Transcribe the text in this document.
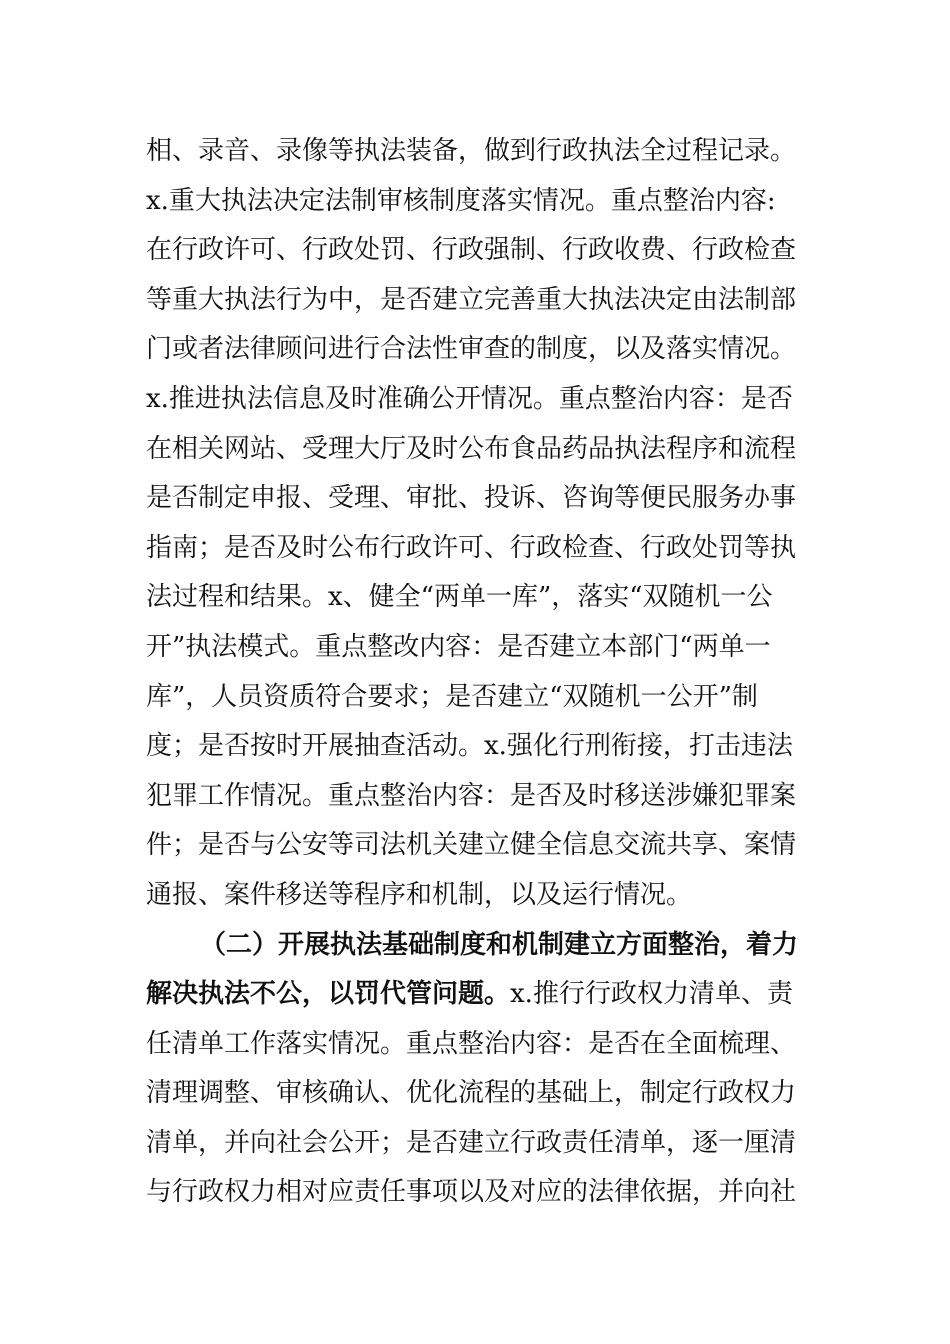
相、录音、录像等执法装备，做到行政执法全过程记录。
x.重大执法决定法制审核制度落实情况。重点整治内容:
在行政许可、行政处罚、行政强制、行政收费、行政检查
等重大执法行为中，是否建立完善重大执法决定由法制部
门或者法律顾问进行合法性审查的制度，以及落实情况。
x.推进执法信息及时准确公开情况。重点整治内容：是否
在相关网站、受理大厅及时公布食品药品执法程序和流程
是否制定申报、受理、审批、投诉、咨询等便民服务办事
指南；是否及时公布行政许可、行政检查、行政处罚等执
法过程和结果。x、健全“两单一库”，落实“双随机一公
开”执法模式。重点整改内容：是否建立本部门“两单一
库”，人员资质符合要求；是否建立“双随机一公开”制
度；是否按时开展抽查活动。x.强化行刑衔接，打击违法
犯罪工作情况。重点整治内容：是否及时移送涉嫌犯罪案
件；是否与公安等司法机关建立健全信息交流共享、案情
通报、案件移送等程序和机制，以及运行情况。
（二）开展执法基础制度和机制建立方面整治，着力
解决执法不公，以罚代管问题。x.推行行政权力清单、责
任清单工作落实情况。重点整治内容：是否在全面梳理、
清理调整、审核确认、优化流程的基础上，制定行政权力
清单，并向社会公开；是否建立行政责任清单，逐一厘清
与行政权力相对应责任事项以及对应的法律依据，并向社
